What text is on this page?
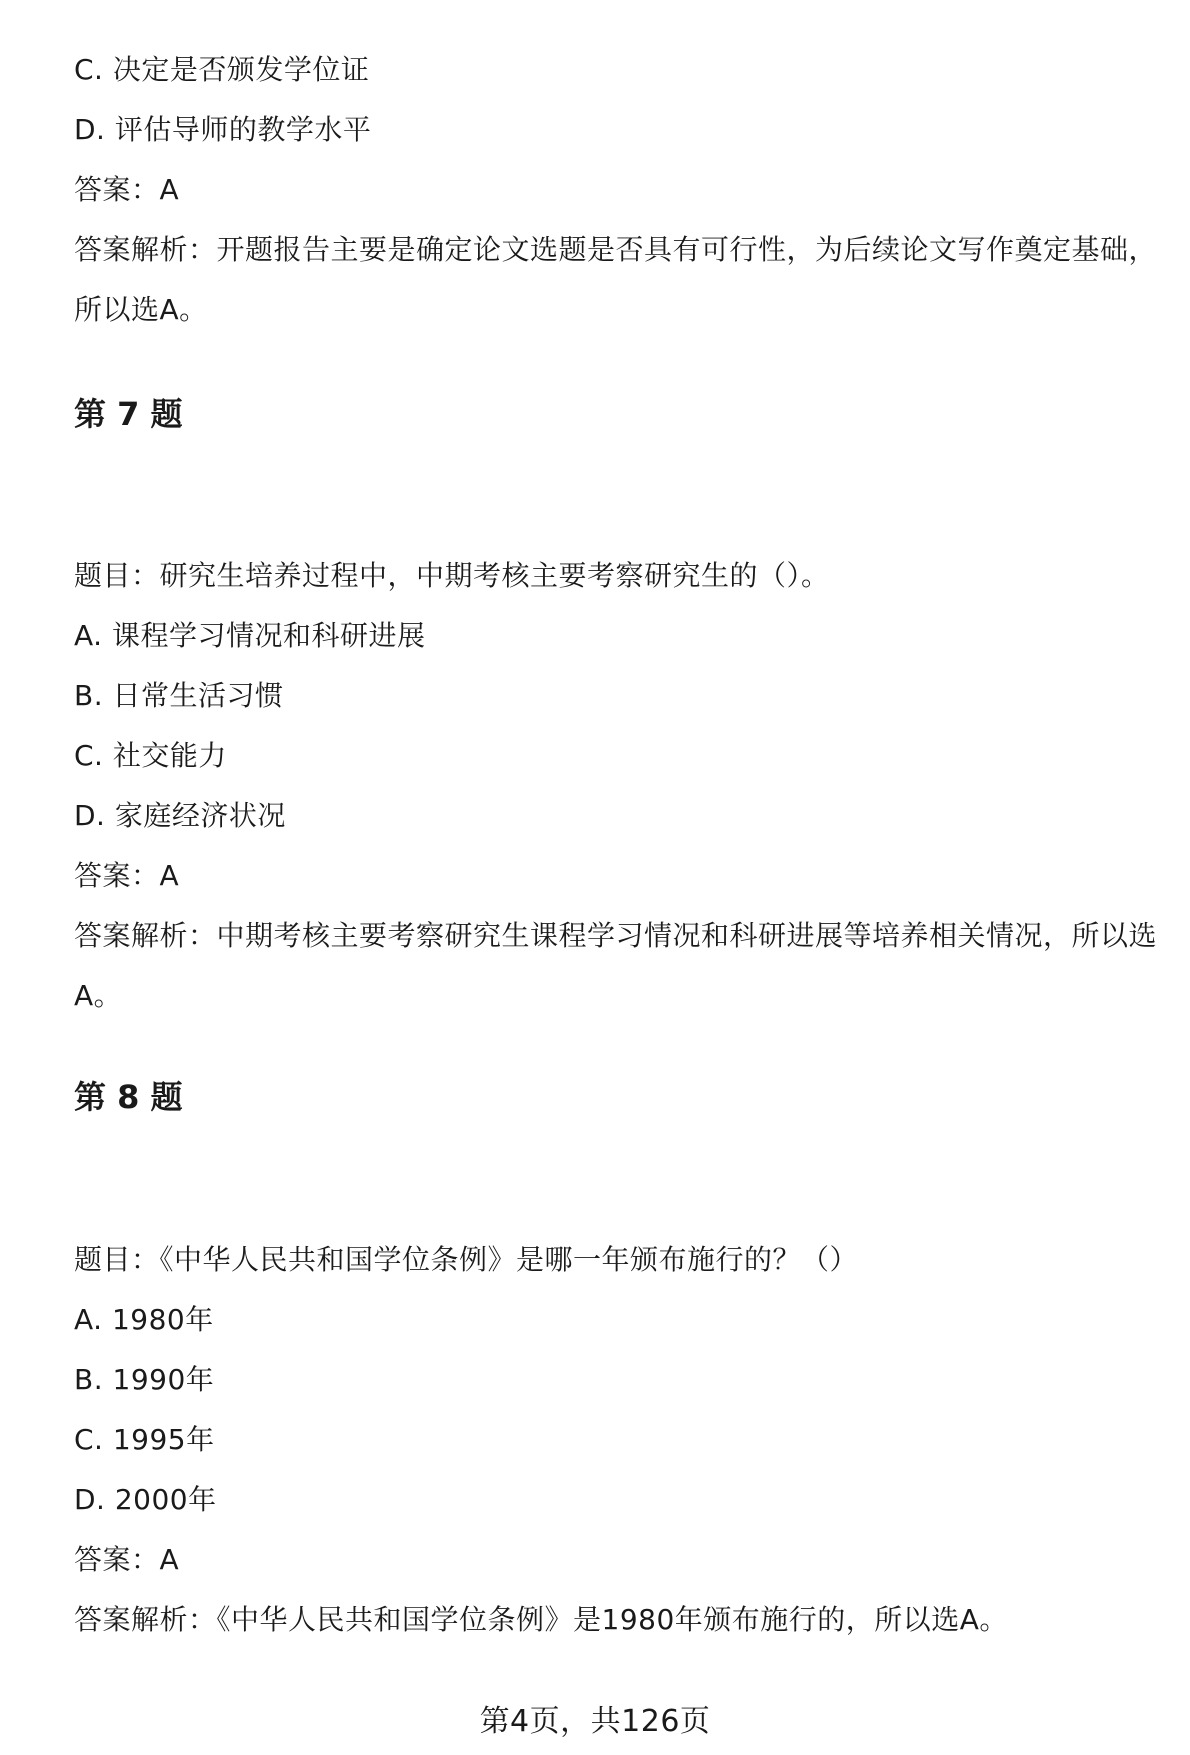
C. 决定是否颁发学位证
D. 评估导师的教学水平
答案：A
答案解析：开题报告主要是确定论文选题是否具有可行性，为后续论文写作奠定基础，所以选A。
第 7 题
题目：研究生培养过程中，中期考核主要考察研究生的（）。
A. 课程学习情况和科研进展
B. 日常生活习惯
C. 社交能力
D. 家庭经济状况
答案：A
答案解析：中期考核主要考察研究生课程学习情况和科研进展等培养相关情况，所以选A。
第 8 题
题目：《中华人民共和国学位条例》是哪一年颁布施行的？（）
A. 1980年
B. 1990年
C. 1995年
D. 2000年
答案：A
答案解析：《中华人民共和国学位条例》是1980年颁布施行的，所以选A。
第4页，共126页
